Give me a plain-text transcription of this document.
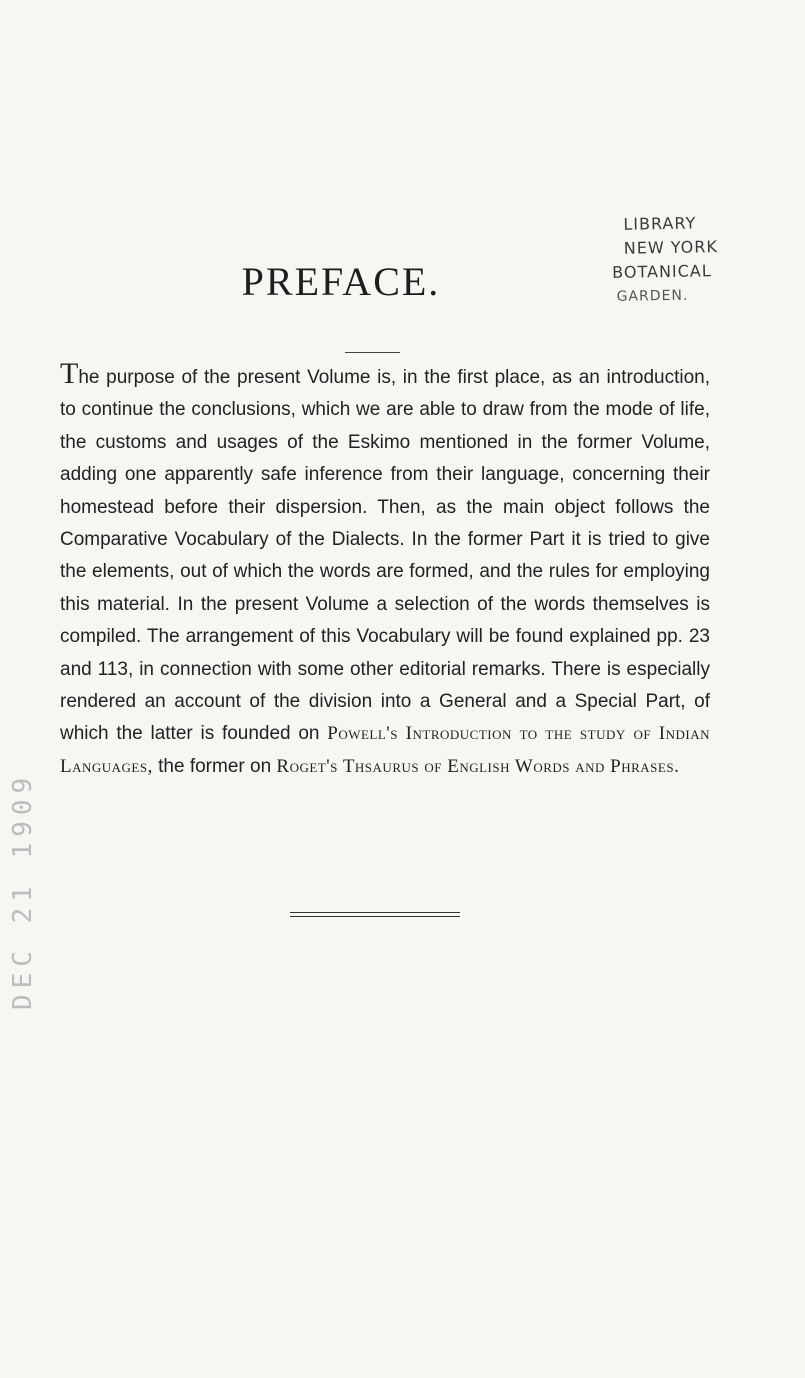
LIBRARY
NEW YORK
BOTANICAL
GARDEN.
PREFACE.

The purpose of the present Volume is, in the first place, as an introduction, to continue the conclusions, which we are able to draw from the mode of life, the customs and usages of the Eskimo mentioned in the former Volume, adding one apparently safe inference from their language, concerning their homestead before their dispersion. Then, as the main object follows the Comparative Vocabulary of the Dialects. In the former Part it is tried to give the elements, out of which the words are formed, and the rules for employing this material. In the present Volume a selection of the words themselves is compiled. The arrangement of this Vocabulary will be found explained pp. 23 and 113, in connection with some other editorial remarks. There is especially rendered an account of the division into a General and a Special Part, of which the latter is founded on Powell's Introduction to the study of Indian Languages, the former on Roget's Thsaurus of English Words and Phrases.

DEC 21 1909
